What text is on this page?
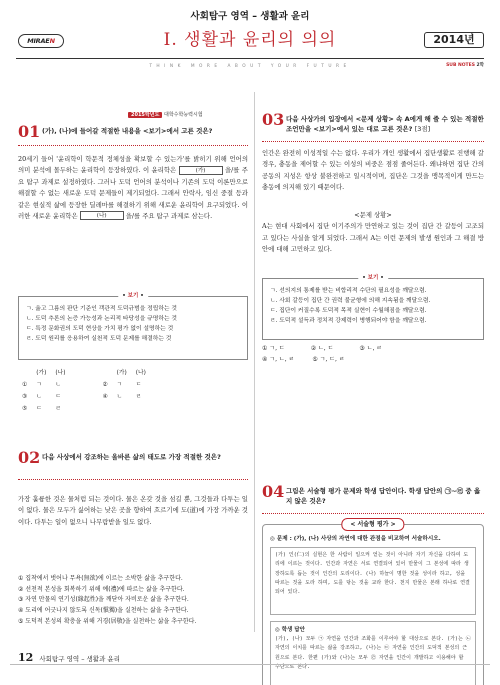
사회탐구 영역 – 생활과 윤리
MIRAEN	Ⅰ. 생활과 윤리의 의의	2014년
THINK MORE ABOUT YOUR FUTURE	SUB NOTES 2학
2015학년도 대학수학능력시험
01 (가), (나)에 들어갈 적절한 내용을 <보기>에서 고른 것은?
20세기 들어 '윤리학이 학문적 정체성을 확보할 수 있는가'를 밝히기 위해 언어의 의미 분석에 몰두하는 윤리학이 등장하였다. 이 윤리학은	(가)	을/를 주요 탐구 과제로 설정하였다. 그러나 도덕 언어의 분석이나 기존의 도덕 이론만으로 해결할 수 없는 새로운 도덕 문제들이 제기되었다. 그래서 안락사, 임신 중절 등과 같은 현실적 삶에 등장한 딜레마를 해결하기 위해 새로운 윤리학이 요구되었다. 이러한 새로운 윤리학은	(나)	을/를 주요 탐구 과제로 삼는다.
• 보기 •
ㄱ. 옳고 그름의 판단 기준인 객관적 도덕규범을 정립하는 것
ㄴ. 도덕 추론의 논증 가능성과 논리적 타당성을 규명하는 것
ㄷ. 특정 문화권의 도덕 현상을 가치 평가 없이 설명하는 것
ㄹ. 도덕 원리를 응용하여 실천적 도덕 문제를 해결하는 것
	(가)	(나)		(가)	(나)
①	ㄱ	ㄴ	②	ㄱ	ㄷ
③	ㄴ	ㄷ	④	ㄴ	ㄹ
⑤	ㄷ	ㄹ			
02 다음 사상에서 강조하는 올바른 삶의 태도로 가장 적절한 것은?
가장 훌륭한 것은 물처럼 되는 것이다. 물은 온갖 것을 섬길 뿐, 그것들과 다투는 일이 없다. 물은 모두가 싫어하는 낮은 곳을 향하여 흐르기에 도(道)에 가장 가까운 것이다. 다투는 일이 없으니 나무람받을 일도 없다.
① 집착에서 벗어나 무욕(無欲)에 이르는 소박한 삶을 추구한다.
② 선천적 본성을 회복하기 위해 예(禮)에 따르는 삶을 추구한다.
③ 자연 만물의 연기성(緣起性)을 깨닫아 자비로운 삶을 추구한다.
④ 도리에 어긋나지 않도록 신독(愼獨)을 실천하는 삶을 추구한다.
⑤ 도덕적 본성의 확충을 위해 거경(居敬)을 실천하는 삶을 추구한다.
03 다음 사상가의 입장에서 <문제 상황> 속 A에게 해 줄 수 있는 적절한 조언만을 <보기>에서 있는 대로 고른 것은? [3점]
인간은 완전히 이성적일 수는 없다. 우리가 개인 생활에서 집단생활로 진행해 갈 경우, 충동을 제어할 수 있는 이성의 비중은 점점 줄어든다. 왜냐하면 집단 간의 공동의 지성은 항상 불완전하고 일시적이며, 집단은 그것을 맹목적이게 만드는 충동에 의지해 있기 때문이다.
<문제 상황>
A는 현대 사회에서 집단 이기주의가 만연하고 있는 것이 집단 간 갈등이 고조되고 있다는 사실을 알게 되었다. 그래서 A는 이런 문제의 발생 원인과 그 해결 방안에 대해 고민하고 있다.
• 보기 •
ㄱ. 선의지의 통제를 받는 비합리적 수단의 필요성을 깨달으렴.
ㄴ. 사회 갈등이 집단 간 권력 불균형에 의해 지속됨을 깨달으렴.
ㄷ. 집단이 커질수록 도덕적 목적 실현이 수월해짐을 깨달으렴.
ㄹ. 도덕적 설득과 정치적 강제력이 병행되어야 함을 깨달으렴.
① ㄱ, ㄷ	② ㄴ, ㄷ	③ ㄴ, ㄹ
④ ㄱ, ㄴ, ㄹ	⑤ ㄱ, ㄷ, ㄹ
04 그림은 서술형 평가 문제와 학생 답안이다. 학생 답안의 ㉠~㉣ 중 옳지 않은 것은?
< 서술형 평가 >
◎ 문제 : (가), (나) 사상의 자연에 대한 관점을 비교하여 서술하시오.
(가) 인(仁)의 실현은 한 사람이 일으켜 얻는 것이 아니라 자기 자신을 다하여 도리에 이르는 것이다. 인간과 자연은 서로 연결되어 있어 만물이 그 본성에 따라 생장하도록 돕는 것이 인간의 도리이다. (나) 하늘이 명한 것을 성이라 하고, 성을 따르는 것을 도라 하며, 도를 닦는 것을 교라 한다. 천지 만물은 본래 하나로 연결되어 있다.
◎ 학생 답안
(가), (나) 모두 ㉠ 자연을 인간과 조화를 이루어야 할 대상으로 본다. (가)는 ㉡ 자연의 이치를 따르는 삶을 강조하고, (나)는 ㉢ 자연을 인간의 도덕적 본성의 근원으로 본다. 한편 (가)와 (나)는 모두 ㉣ 자연을 인간이 개발하고 이용해야 할 수단으로 본다.
12 사회탐구 영역 – 생활과 윤리
